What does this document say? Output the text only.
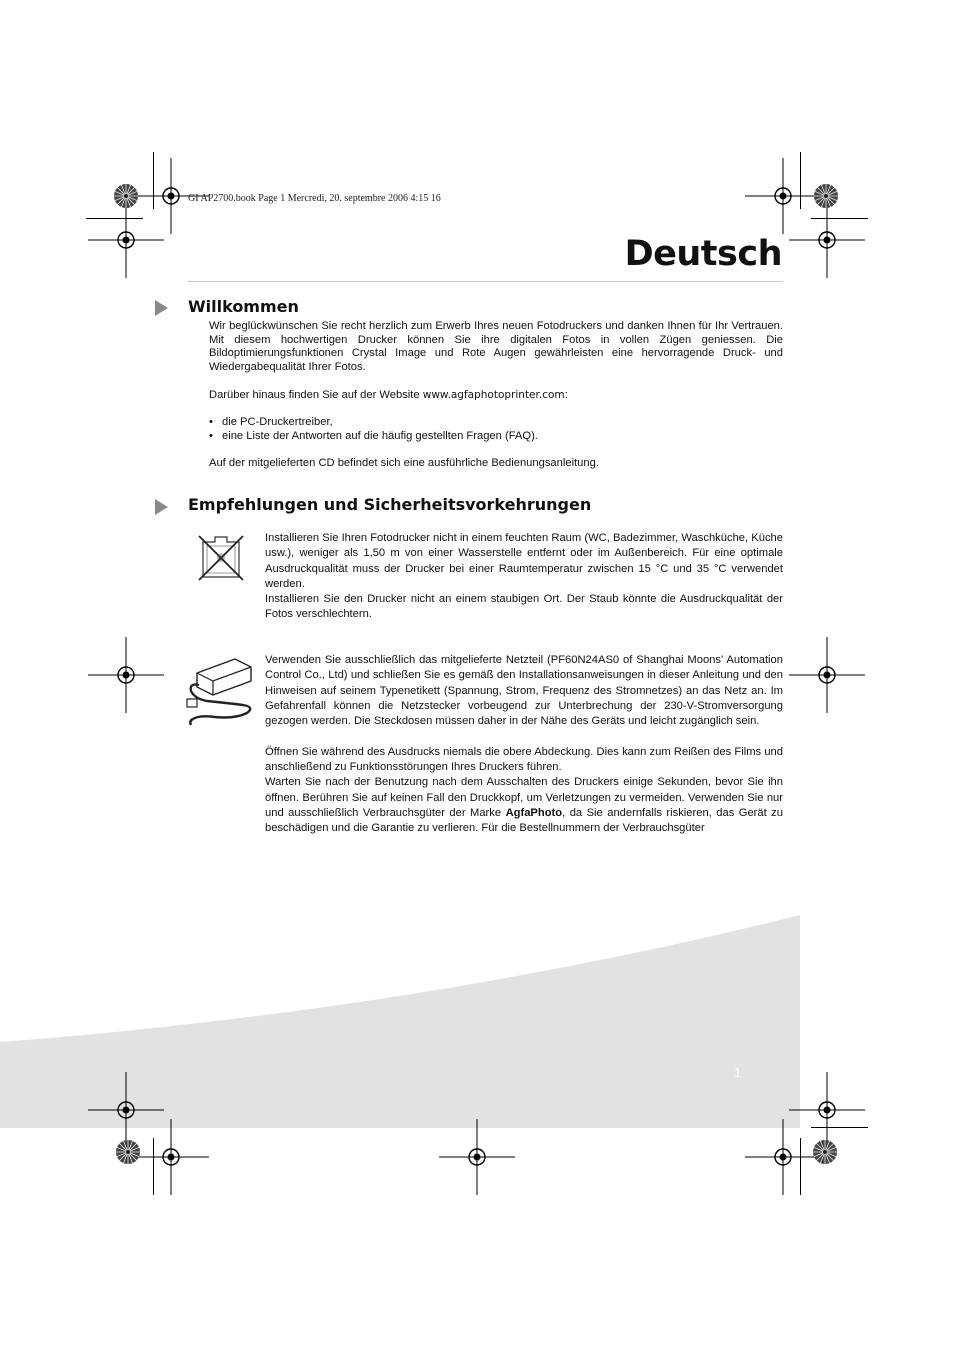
GI AP2700.book Page 1 Mercredi, 20. septembre 2006 4:15 16
Deutsch
Willkommen

Wir beglückwünschen Sie recht herzlich zum Erwerb Ihres neuen Fotodruckers und danken Ihnen für Ihr Vertrauen. Mit diesem hochwertigen Drucker können Sie ihre digitalen Fotos in vollen Zügen geniessen. Die Bildoptimierungsfunktionen Crystal Image und Rote Augen gewährleisten eine hervorragende Druck- und Wiedergabequalität Ihrer Fotos.

Darüber hinaus finden Sie auf der Website www.agfaphotoprinter.com:

• die PC-Druckertreiber,
• eine Liste der Antworten auf die häufig gestellten Fragen (FAQ).

Auf der mitgelieferten CD befindet sich eine ausführliche Bedienungsanleitung.

Empfehlungen und Sicherheitsvorkehrungen

Installieren Sie Ihren Fotodrucker nicht in einem feuchten Raum (WC, Badezimmer, Waschküche, Küche usw.), weniger als 1,50 m von einer Wasserstelle entfernt oder im Außenbereich. Für eine optimale Ausdruckqualität muss der Drucker bei einer Raumtemperatur zwischen 15 °C und 35 °C verwendet werden.

Installieren Sie den Drucker nicht an einem staubigen Ort. Der Staub könnte die Ausdruckqualität der Fotos verschlechtern.

Verwenden Sie ausschließlich das mitgelieferte Netzteil (PF60N24AS0 of Shanghai Moons' Automation Control Co., Ltd) und schließen Sie es gemäß den Installationsanweisungen in dieser Anleitung und den Hinweisen auf seinem Typenetikett (Spannung, Strom, Frequenz des Stromnetzes) an das Netz an. Im Gefahrenfall können die Netzstecker vorbeugend zur Unterbrechung der 230-V-Stromversorgung gezogen werden. Die Steckdosen müssen daher in der Nähe des Geräts und leicht zugänglich sein.

Öffnen Sie während des Ausdrucks niemals die obere Abdeckung. Dies kann zum Reißen des Films und anschließend zu Funktionsstörungen Ihres Druckers führen.

Warten Sie nach der Benutzung nach dem Ausschalten des Druckers einige Sekunden, bevor Sie ihn öffnen. Berühren Sie auf keinen Fall den Druckkopf, um Verletzungen zu vermeiden. Verwenden Sie nur und ausschließlich Verbrauchsgüter der Marke AgfaPhoto, da Sie andernfalls riskieren, das Gerät zu beschädigen und die Garantie zu verlieren. Für die Bestellnummern der Verbrauchsgüter

1
